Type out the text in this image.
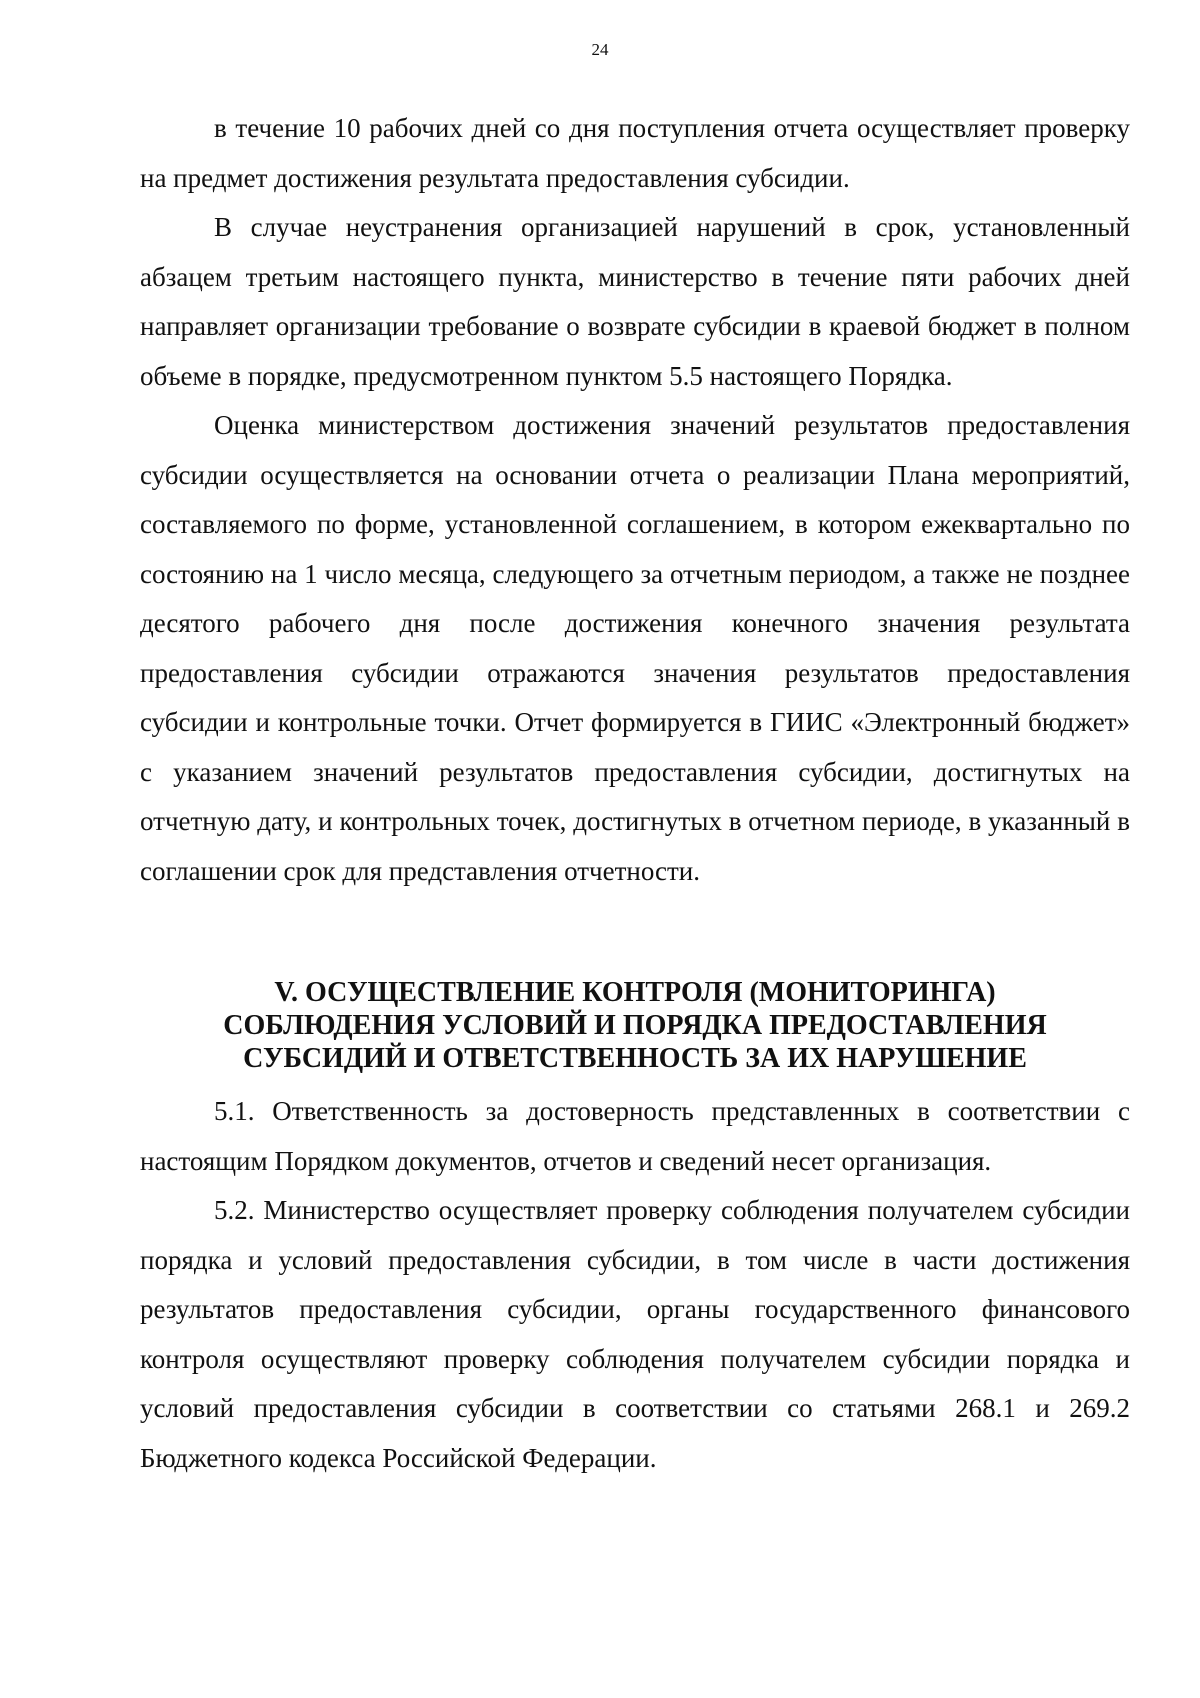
24

в течение 10 рабочих дней со дня поступления отчета осуществляет проверку на предмет достижения результата предоставления субсидии.

В случае неустранения организацией нарушений в срок, установленный абзацем третьим настоящего пункта, министерство в течение пяти рабочих дней направляет организации требование о возврате субсидии в краевой бюджет в полном объеме в порядке, предусмотренном пунктом 5.5 настоящего Порядка.

Оценка министерством достижения значений результатов предоставления субсидии осуществляется на основании отчета о реализации Плана мероприятий, составляемого по форме, установленной соглашением, в котором ежеквартально по состоянию на 1 число месяца, следующего за отчетным периодом, а также не позднее десятого рабочего дня после достижения конечного значения результата предоставления субсидии отражаются значения результатов предоставления субсидии и контрольные точки. Отчет формируется в ГИИС «Электронный бюджет» с указанием значений результатов предоставления субсидии, достигнутых на отчетную дату, и контрольных точек, достигнутых в отчетном периоде, в указанный в соглашении срок для представления отчетности.

V. ОСУЩЕСТВЛЕНИЕ КОНТРОЛЯ (МОНИТОРИНГА)
СОБЛЮДЕНИЯ УСЛОВИЙ И ПОРЯДКА ПРЕДОСТАВЛЕНИЯ
СУБСИДИЙ И ОТВЕТСТВЕННОСТЬ ЗА ИХ НАРУШЕНИЕ

5.1. Ответственность за достоверность представленных в соответствии с настоящим Порядком документов, отчетов и сведений несет организация.

5.2. Министерство осуществляет проверку соблюдения получателем субсидии порядка и условий предоставления субсидии, в том числе в части достижения результатов предоставления субсидии, органы государственного финансового контроля осуществляют проверку соблюдения получателем субсидии порядка и условий предоставления субсидии в соответствии со статьями 268.1 и 269.2 Бюджетного кодекса Российской Федерации.
